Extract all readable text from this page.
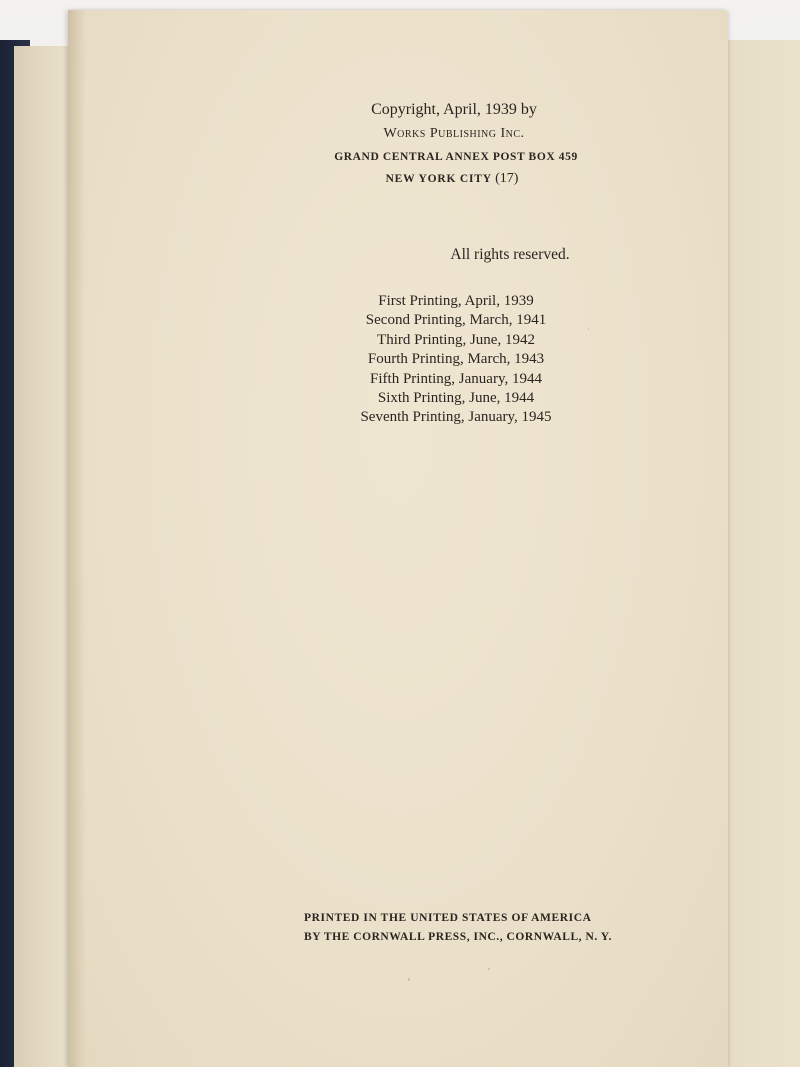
Copyright, April, 1939 by
Works Publishing Inc.
GRAND CENTRAL ANNEX POST BOX 459
NEW YORK CITY (17)
All rights reserved.
First Printing, April, 1939
Second Printing, March, 1941
Third Printing, June, 1942
Fourth Printing, March, 1943
Fifth Printing, January, 1944
Sixth Printing, June, 1944
Seventh Printing, January, 1945
PRINTED IN THE UNITED STATES OF AMERICA
BY THE CORNWALL PRESS, INC., CORNWALL, N. Y.
